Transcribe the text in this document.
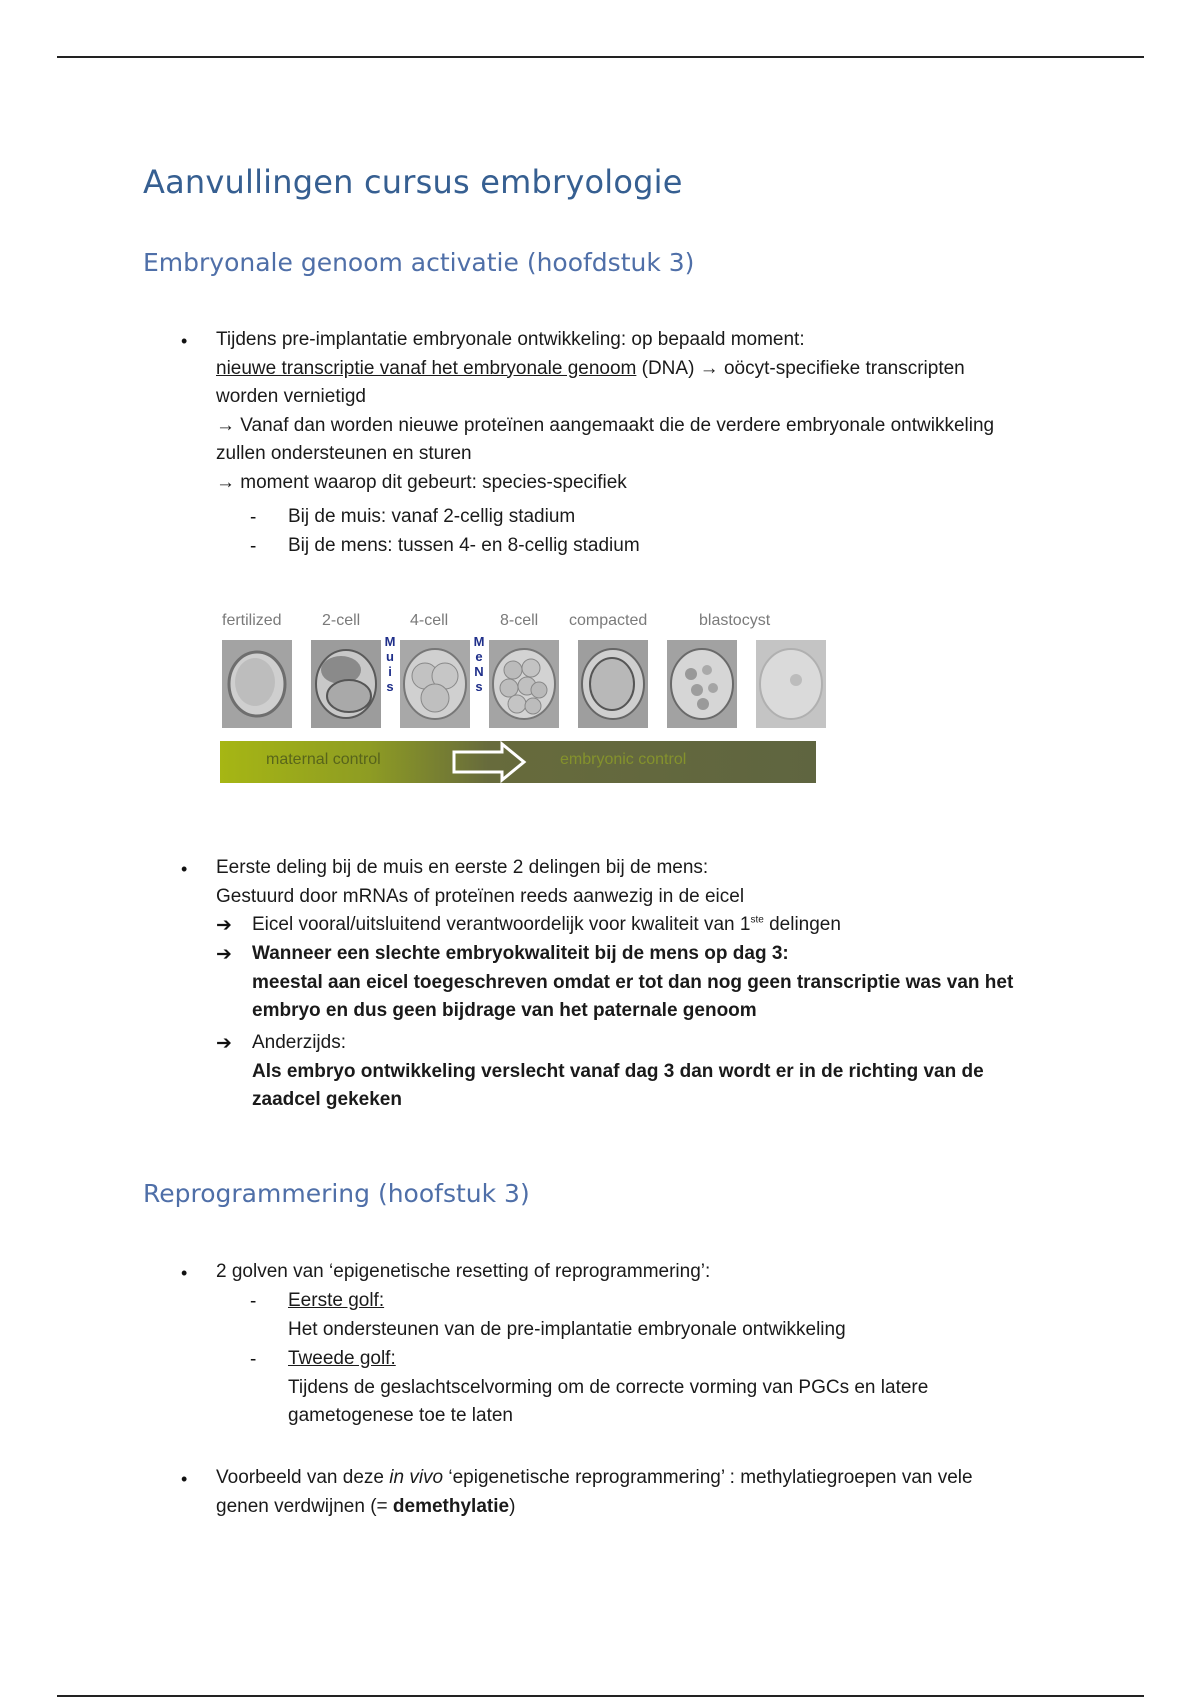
Aanvullingen cursus embryologie
Embryonale genoom activatie (hoofdstuk 3)
• Tijdens pre-implantatie embryonale ontwikkeling: op bepaald moment:
nieuwe transcriptie vanaf het embryonale genoom (DNA) → oöcyt-specifieke transcripten
worden vernietigd
→ Vanaf dan worden nieuwe proteïnen aangemaakt die de verdere embryonale ontwikkeling
zullen ondersteunen en sturen
→ moment waarop dit gebeurt: species-specifiek
- Bij de muis: vanaf 2-cellig stadium
- Bij de mens: tussen 4- en 8-cellig stadium
fertilized	2-cell	4-cell	8-cell compacted	blastocyst
M
u
i
s
M
e
N
s
maternal control	embryonic control
• Eerste deling bij de muis en eerste 2 delingen bij de mens:
Gestuurd door mRNAs of proteïnen reeds aanwezig in de eicel
➔ Eicel vooral/uitsluitend verantwoordelijk voor kwaliteit van 1ste delingen
➔ Wanneer een slechte embryokwaliteit bij de mens op dag 3:
meestal aan eicel toegeschreven omdat er tot dan nog geen transcriptie was van het
embryo en dus geen bijdrage van het paternale genoom
➔ Anderzijds:
Als embryo ontwikkeling verslecht vanaf dag 3 dan wordt er in de richting van de
zaadcel gekeken
Reprogrammering (hoofstuk 3)
• 2 golven van ‘epigenetische resetting of reprogrammering’:
- Eerste golf:
Het ondersteunen van de pre-implantatie embryonale ontwikkeling
- Tweede golf:
Tijdens de geslachtscelvorming om de correcte vorming van PGCs en latere
gametogenese toe te laten
• Voorbeeld van deze in vivo ‘epigenetische reprogrammering’ : methylatiegroepen van vele
genen verdwijnen (= demethylatie)
